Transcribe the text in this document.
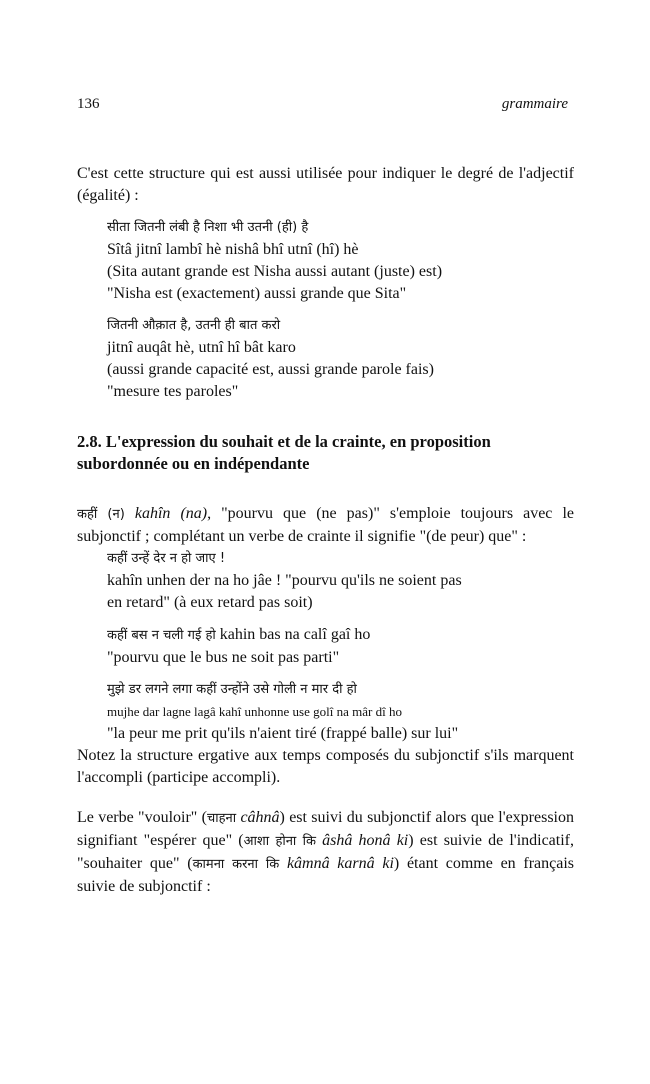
136	grammaire

C'est cette structure qui est aussi utilisée pour indiquer le degré de l'adjectif (égalité) :

सीता जितनी लंबी है निशा भी उतनी (ही) है
Sîtâ jitnî lambî hè nishâ bhî utnî (hî) hè
(Sita autant grande est Nisha aussi autant (juste) est)
"Nisha est (exactement) aussi grande que Sita"
जितनी औक़ात है, उतनी ही बात करो
jitnî auqât hè, utnî hî bât karo
(aussi grande capacité est, aussi grande parole fais)
"mesure tes paroles"

2.8. L'expression du souhait et de la crainte, en proposition subordonnée ou en indépendante

कहीं (न) kahîn (na), "pourvu que (ne pas)" s'emploie toujours avec le subjonctif ; complétant un verbe de crainte il signifie "(de peur) que" :

कहीं उन्हें देर न हो जाए !
kahîn unhen der na ho jâe ! "pourvu qu'ils ne soient pas
en retard" (à eux retard pas soit)
कहीं बस न चली गई हो kahin bas na calî gaî ho
"pourvu que le bus ne soit pas parti"
मुझे डर लगने लगा कहीं उन्होंने उसे गोली न मार दी हो
mujhe dar lagne lagâ kahî unhonne use golî na mâr dî ho
"la peur me prit qu'ils n'aient tiré (frappé balle) sur lui"

Notez la structure ergative aux temps composés du subjonctif s'ils marquent l'accompli (participe accompli).

Le verbe "vouloir" (चाहना câhnâ) est suivi du subjonctif alors que l'expression signifiant "espérer que" (आशा होना कि âshâ honâ ki) est suivie de l'indicatif, "souhaiter que" (कामना करना कि kâmnâ karnâ ki) étant comme en français suivie de subjonctif :
